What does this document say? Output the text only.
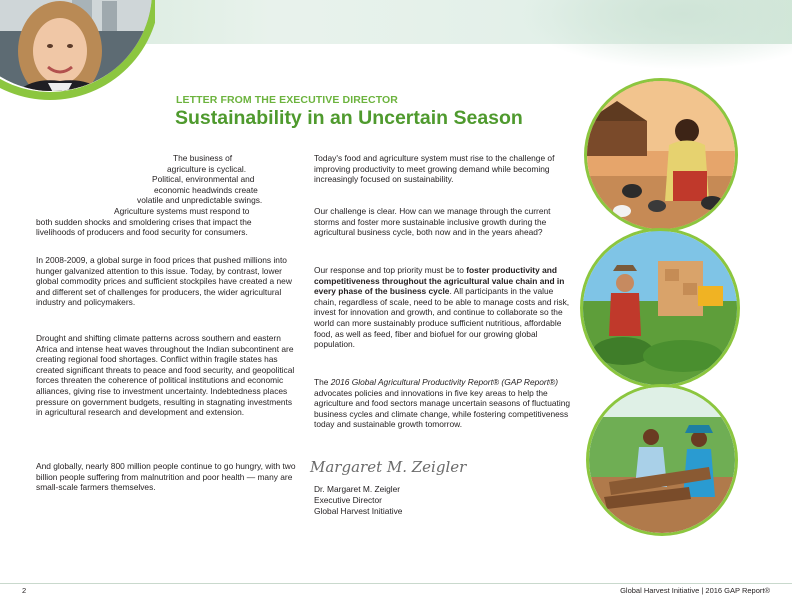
LETTER FROM THE EXECUTIVE DIRECTOR
Sustainability in an Uncertain Season
The business of
agriculture is cyclical.
Political, environmental and
economic headwinds create
volatile and unpredictable swings.
Agriculture systems must respond to
both sudden shocks and smoldering crises that impact the
livelihoods of producers and food security for consumers.

In 2008-2009, a global surge in food prices that pushed millions into hunger galvanized attention to this issue. Today, by contrast, lower global commodity prices and sufficient stockpiles have created a new and different set of challenges for producers, the wider agricultural industry and policymakers.

Drought and shifting climate patterns across southern and eastern Africa and intense heat waves throughout the Indian subcontinent are creating regional food shortages. Conflict within fragile states has created significant threats to peace and food security, and geopolitical forces threaten the coherence of political institutions and economic alliances, giving rise to investment uncertainty. Indebtedness places pressure on government budgets, resulting in stagnating investments in agricultural research and development and extension.

And globally, nearly 800 million people continue to go hungry, with two billion people suffering from malnutrition and poor health — many are small-scale farmers themselves.

Today's food and agriculture system must rise to the challenge of improving productivity to meet growing demand while becoming increasingly focused on sustainability.

Our challenge is clear. How can we manage through the current storms and foster more sustainable inclusive growth during the agricultural business cycle, both now and in the years ahead?

Our response and top priority must be to foster productivity and competitiveness throughout the agricultural value chain and in every phase of the business cycle. All participants in the value chain, regardless of scale, need to be able to manage costs and risk, invest for innovation and growth, and continue to collaborate so the world can more sustainably produce sufficient nutritious, affordable food, as well as feed, fiber and biofuel for our growing global population.

The 2016 Global Agricultural Productivity Report® (GAP Report®) advocates policies and innovations in five key areas to help the agriculture and food sectors manage uncertain seasons of fluctuating business cycles and climate change, while fostering competitiveness today and sustainable growth tomorrow.

Margaret M. Zeigler
Dr. Margaret M. Zeigler
Executive Director
Global Harvest Initiative
2	Global Harvest Initiative | 2016 GAP Report®
